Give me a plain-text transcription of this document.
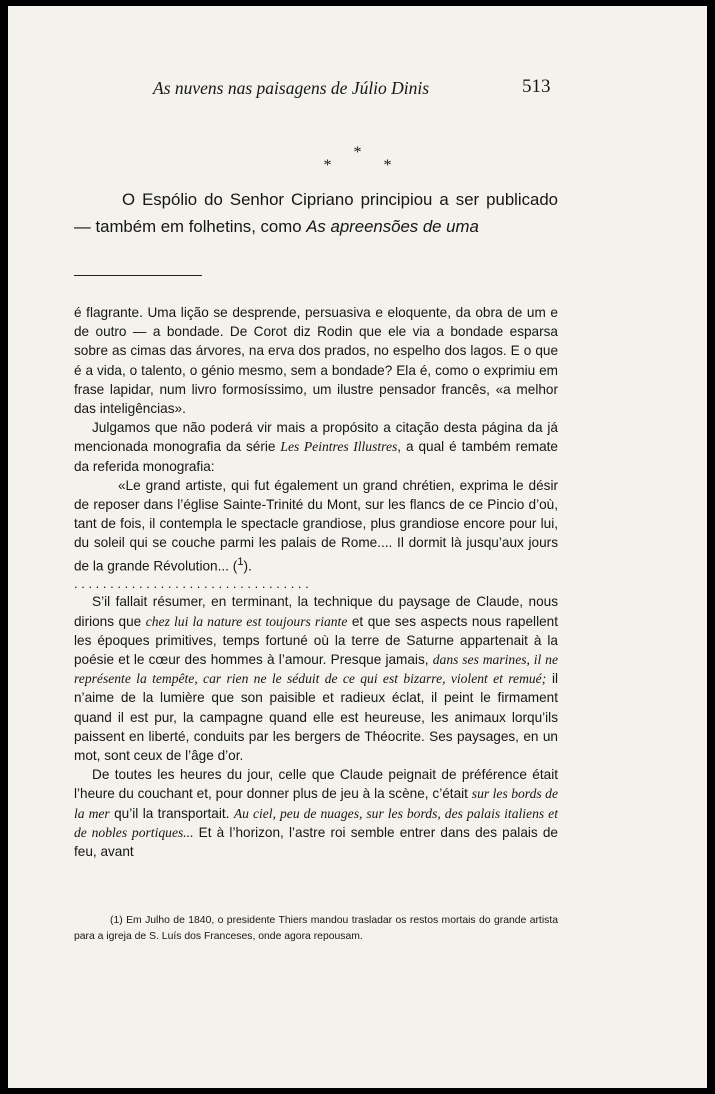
As nuvens nas paisagens de Júlio Dinis	513
*
*             *

O Espólio do Senhor Cipriano principiou a ser publicado — também em folhetins, como As apreensões de uma

é flagrante. Uma lição se desprende, persuasiva e eloquente, da obra de um e de outro — a bondade. De Corot diz Rodin que ele via a bondade esparsa sobre as cimas das árvores, na erva dos prados, no espelho dos lagos. E o que é a vida, o talento, o génio mesmo, sem a bondade? Ela é, como o exprimiu em frase lapidar, num livro formosíssimo, um ilustre pensador francês, «a melhor das inteligências».

Julgamos que não poderá vir mais a propósito a citação desta página da já mencionada monografia da série Les Peintres Illustres, a qual é também remate da referida monografia:

«Le grand artiste, qui fut également un grand chrétien, exprima le désir de reposer dans l’église Sainte-Trinité du Mont, sur les flancs de ce Pincio d’où, tant de fois, il contempla le spectacle grandiose, plus grandiose encore pour lui, du soleil qui se couche parmi les palais de Rome.... Il dormit là jusqu’aux jours de la grande Révolution... ($^1$).

. . . . . . . . . . . . . . . . . . . . . . . . . . . . . . . . .

S’il fallait résumer, en terminant, la technique du paysage de Claude, nous dirions que chez lui la nature est toujours riante et que ses aspects nous rapellent les époques primitives, temps fortuné où la terre de Saturne appartenait à la poésie et le cœur des hommes à l’amour. Presque jamais, dans ses marines, il ne représente la tempête, car rien ne le séduit de ce qui est bizarre, violent et remué; il n’aime de la lumière que son paisible et radieux éclat, il peint le firmament quand il est pur, la campagne quand elle est heureuse, les animaux lorqu’ils paissent en liberté, conduits par les bergers de Théocrite. Ses paysages, en un mot, sont ceux de l’âge d’or.

De toutes les heures du jour, celle que Claude peignait de préférence était l’heure du couchant et, pour donner plus de jeu à la scène, c’était sur les bords de la mer qu’il la transportait. Au ciel, peu de nuages, sur les bords, des palais italiens et de nobles portiques... Et à l’horizon, l’astre roi semble entrer dans des palais de feu, avant

(1) Em Julho de 1840, o presidente Thiers mandou trasladar os restos mortais do grande artista para a igreja de S. Luís dos Franceses, onde agora repousam.
